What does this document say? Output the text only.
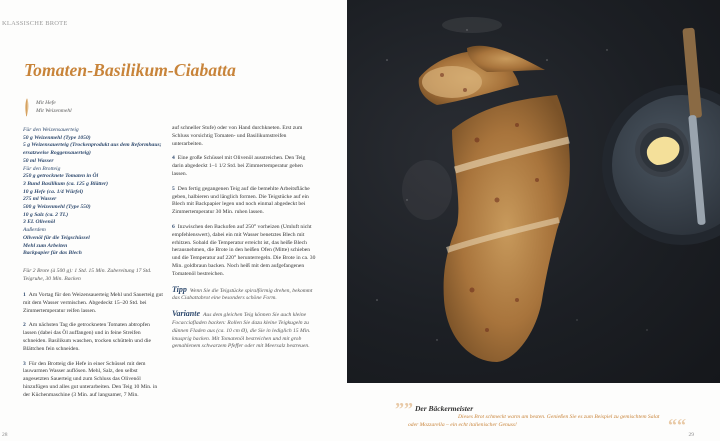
KLASSISCHE BROTE
Tomaten-Basilikum-Ciabatta
Mit Hefe
Mit Weizenmehl
Für den Weizensauerteig
50 g Weizenmehl (Type 1050)
5 g Weizensauerteig (Trockenprodukt aus dem Reformhaus; ersatzweise Roggensauerteig)
50 ml Wasser
Für den Brotteig
250 g getrocknete Tomaten in Öl
3 Bund Basilikum (ca. 125 g Blätter)
10 g Hefe (ca. 1/4 Würfel)
275 ml Wasser
500 g Weizenmehl (Type 550)
10 g Salz (ca. 2 TL)
3 EL Olivenöl
Außerdem
Olivenöl für die Teigschüssel
Mehl zum Arbeiten
Backpapier für das Blech
Für 2 Brote (à 500 g): 1 Std. 15 Min. Zubereitung 17 Std. Teigruhe, 30 Min. Backen
1 Am Vortag für den Weizensauerteig Mehl und Sauerteig gut mit dem Wasser vermischen. Abgedeckt 15–20 Std. bei Zimmertemperatur reifen lassen.
2 Am nächsten Tag die getrockneten Tomaten abtropfen lassen (dabei das Öl auffangen) und in feine Streifen schneiden. Basilikum waschen, trocken schütteln und die Blättchen fein schneiden.
3 Für den Brotteig die Hefe in einer Schüssel mit dem lauwarmen Wasser auflösen. Mehl, Salz, den selbst angesetzten Sauerteig und zum Schluss das Olivenöl hinzufügen und alles gut unterarbeiten. Den Teig 10 Min. in der Küchenmaschine (3 Min. auf langsamer, 7 Min.
auf schneller Stufe) oder von Hand durchkneten. Erst zum Schluss vorsichtig Tomaten- und Basilikumstreifen unterarbeiten.
4 Eine große Schüssel mit Olivenöl ausstreichen. Den Teig darin abgedeckt 1–1 1/2 Std. bei Zimmertemperatur gehen lassen.
5 Den fertig gegangenen Teig auf die bemehlte Arbeitsfläche geben, halbieren und länglich formen. Die Teigstücke auf ein Blech mit Backpapier legen und noch einmal abgedeckt bei Zimmertemperatur 30 Min. ruhen lassen.
6 Inzwischen den Backofen auf 250° vorheizen (Umluft nicht empfehlenswert), dabei ein mit Wasser benetztes Blech mit erhitzen. Sobald die Temperatur erreicht ist, das heiße Blech herausnehmen, die Brote in den heißen Ofen (Mitte) schieben und die Temperatur auf 220° herunterregeln. Die Brote in ca. 30 Min. goldbraun backen. Noch heiß mit dem aufgefangenen Tomatenöl bestreichen.
Tipp Wenn Sie die Teigstücke spiralförmig drehen, bekommt das Ciabattabrot eine besonders schöne Form.
Variante Aus dem gleichen Teig können Sie auch kleine Focacciafladen backen: Rollen Sie dazu kleine Teigkugeln zu dünnen Fladen aus (ca. 10 cm Ø), die Sie in lediglich 15 Min. knusprig backen. Mit Tomatenöl bestreichen und mit grob gemahlenem schwarzem Pfeffer oder mit Meersalz bestreuen.
28
”” Der Bäckermeister
Dieses Brot schmeckt warm am besten. Genießen Sie es zum Beispiel zu gemischtem Salat oder Mozzarella – ein echt italienischer Genuss!	““ 29
